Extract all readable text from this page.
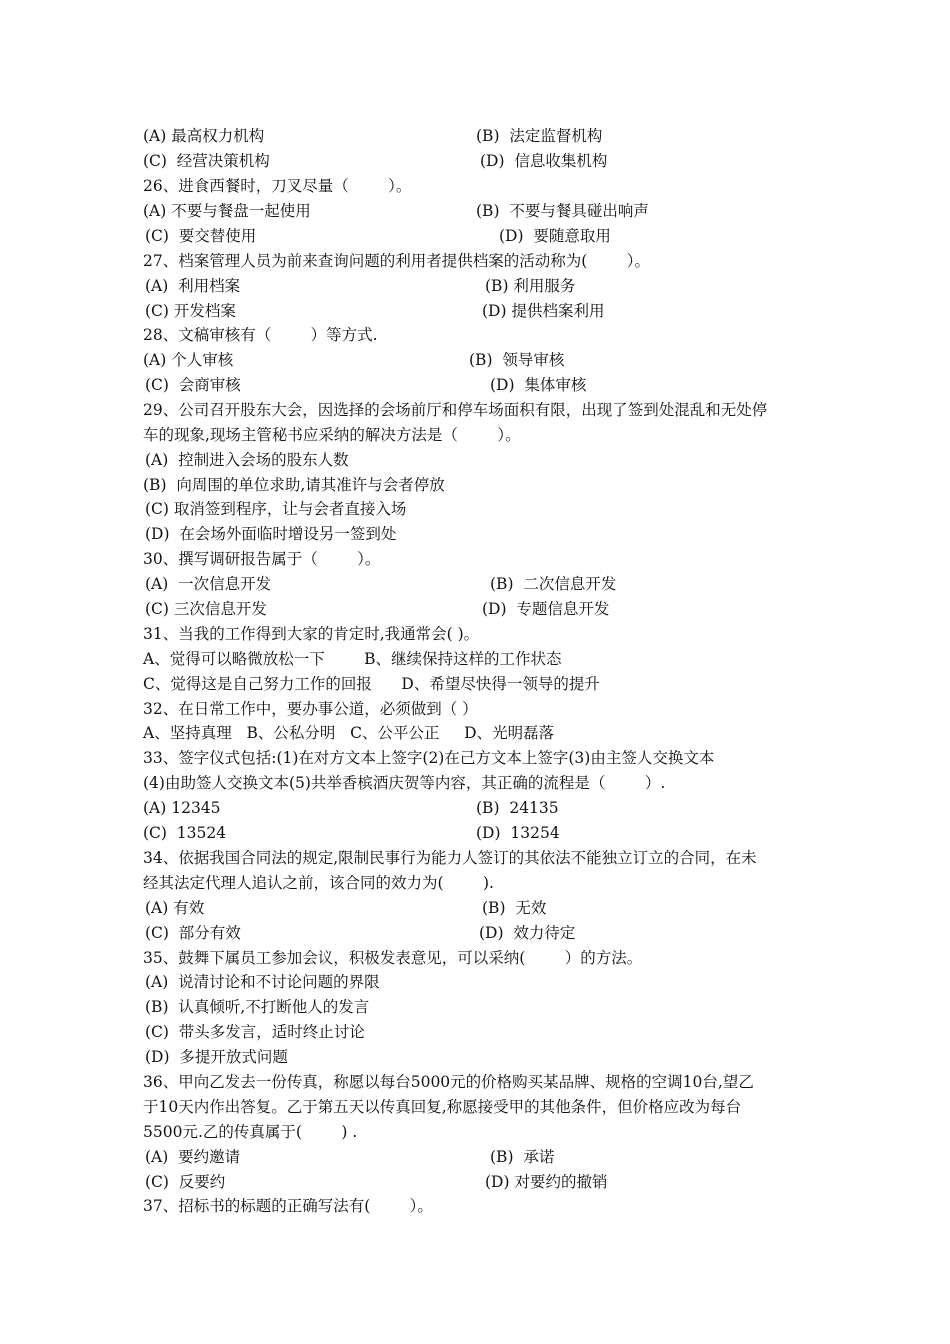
(A) 最高权力机构	(B)  法定监督机构
(C)  经营决策机构	(D)  信息收集机构
26、进食西餐时，刀叉尽量（        ）。
(A) 不要与餐盘一起使用	(B)  不要与餐具碰出响声
(C)  要交替使用	(D)  要随意取用
27、档案管理人员为前来查询问题的利用者提供档案的活动称为(        ）。
(A)  利用档案	(B) 利用服务
(C) 开发档案	(D) 提供档案利用
28、文稿审核有（        ）等方式.
(A) 个人审核	(B)  领导审核
(C)  会商审核	(D)  集体审核
29、公司召开股东大会，因选择的会场前厅和停车场面积有限，出现了签到处混乱和无处停
车的现象,现场主管秘书应采纳的解决方法是（        ）。
(A)  控制进入会场的股东人数
(B)  向周围的单位求助,请其准许与会者停放
(C) 取消签到程序，让与会者直接入场
(D)  在会场外面临时增设另一签到处
30、撰写调研报告属于（        ）。
(A)  一次信息开发	(B)  二次信息开发
(C) 三次信息开发	(D)  专题信息开发
31、当我的工作得到大家的肯定时,我通常会( )。
A、觉得可以略微放松一下        B、继续保持这样的工作状态
C、觉得这是自己努力工作的回报      D、希望尽快得一领导的提升
32、在日常工作中，要办事公道，必须做到（ ）
A、坚持真理   B、公私分明   C、公平公正     D、光明磊落
33、签字仪式包括:(1)在对方文本上签字(2)在己方文本上签字(3)由主签人交换文本
(4)由助签人交换文本(5)共举香槟酒庆贺等内容，其正确的流程是（        ）.
(A) 12345	(B)  24135
(C)  13524	(D)  13254
34、依据我国合同法的规定,限制民事行为能力人签订的其依法不能独立订立的合同，在未
经其法定代理人追认之前，该合同的效力为(        ).
(A) 有效	(B)  无效
(C)  部分有效	(D)  效力待定
35、鼓舞下属员工参加会议，积极发表意见，可以采纳(        ）的方法。
(A)  说清讨论和不讨论问题的界限
(B)  认真倾听,不打断他人的发言
(C)  带头多发言，适时终止讨论
(D)  多提开放式问题
36、甲向乙发去一份传真，称愿以每台5000元的价格购买某品牌、规格的空调10台,望乙
于10天内作出答复。乙于第五天以传真回复,称愿接受甲的其他条件，但价格应改为每台
5500元.乙的传真属于(        ) .
(A)  要约邀请	(B)  承诺
(C)  反要约	(D) 对要约的撤销
37、招标书的标题的正确写法有(        ）。
